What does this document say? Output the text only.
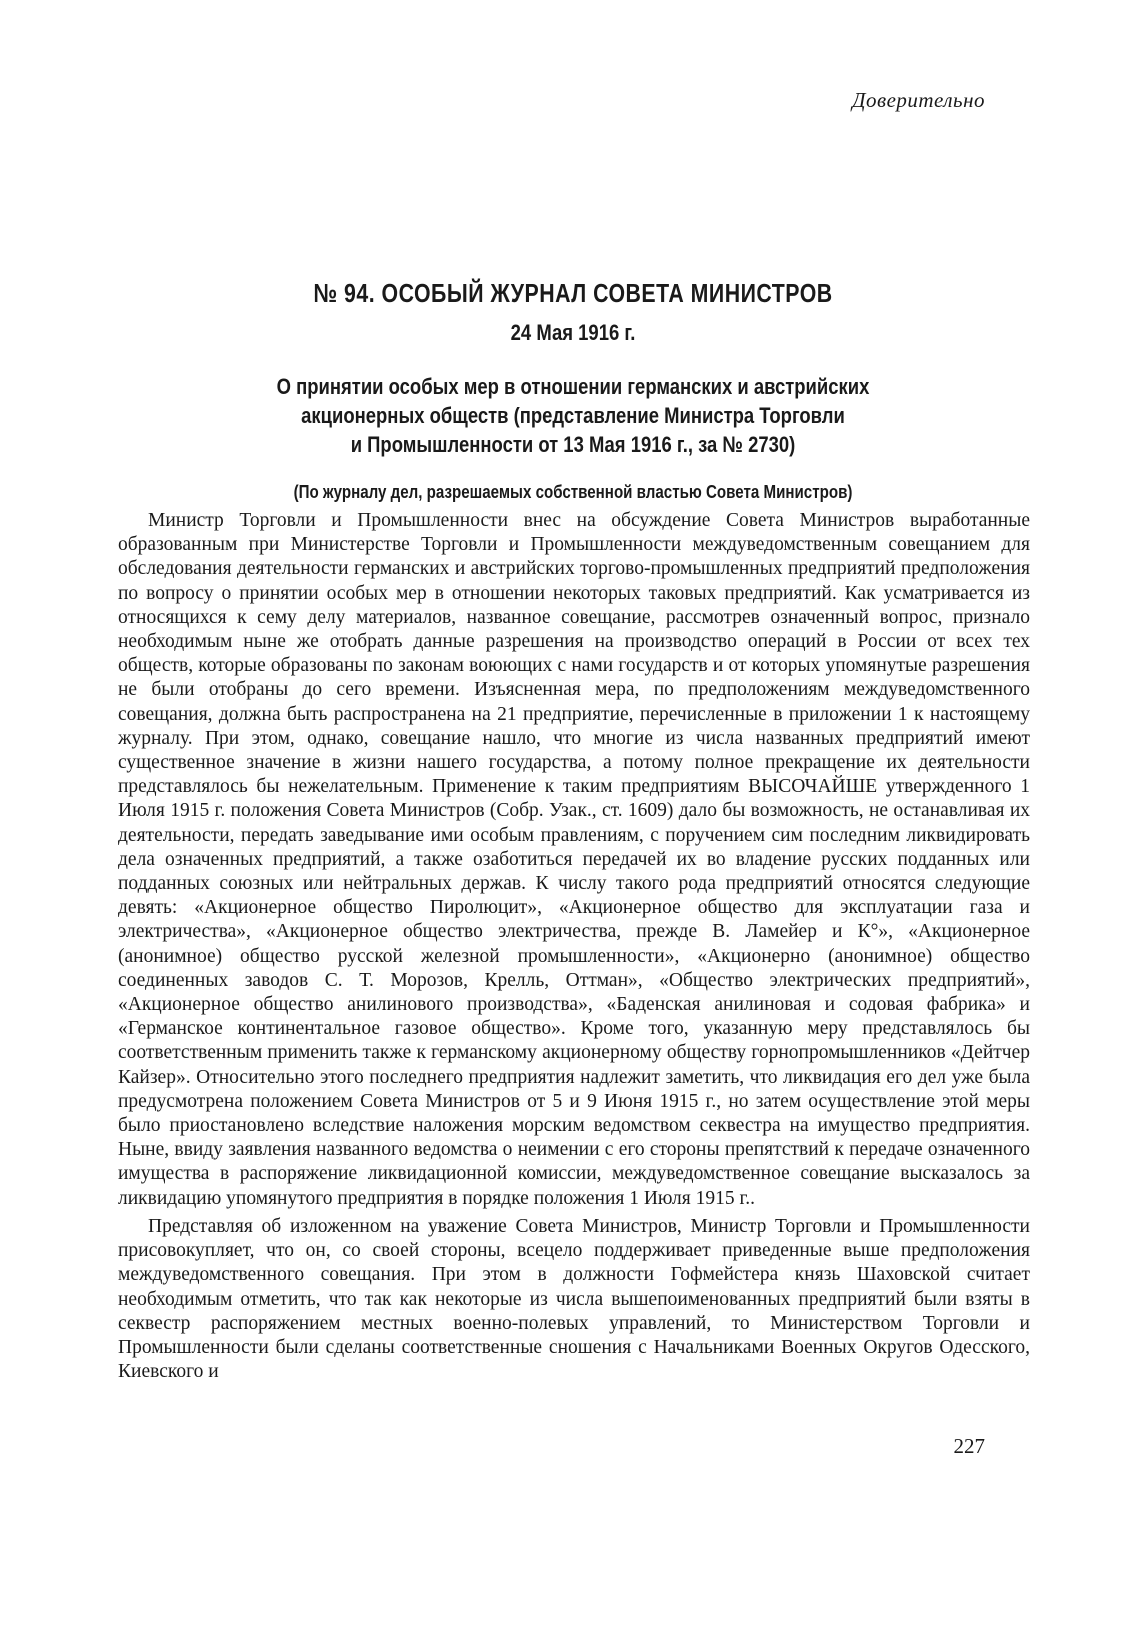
Доверительно
№ 94. ОСОБЫЙ ЖУРНАЛ СОВЕТА МИНИСТРОВ
24 Мая 1916 г.
О принятии особых мер в отношении германских и австрийских
акционерных обществ (представление Министра Торговли
и Промышленности от 13 Мая 1916 г., за № 2730)
(По журналу дел, разрешаемых собственной властью Совета Министров)

Министр Торговли и Промышленности внес на обсуждение Совета Министров выработанные образованным при Министерстве Торговли и Промышленности междуведомственным совещанием для обследования деятельности германских и австрийских торгово-промышленных предприятий предположения по вопросу о принятии особых мер в отношении некоторых таковых предприятий. Как усматривается из относящихся к сему делу материалов, названное совещание, рассмотрев означенный вопрос, признало необходимым ныне же отобрать данные разрешения на производство операций в России от всех тех обществ, которые образованы по законам воюющих с нами государств и от которых упомянутые разрешения не были отобраны до сего времени. Изъясненная мера, по предположениям междуведомственного совещания, должна быть распространена на 21 предприятие, перечисленные в приложении 1 к настоящему журналу. При этом, однако, совещание нашло, что многие из числа названных предприятий имеют существенное значение в жизни нашего государства, а потому полное прекращение их деятельности представлялось бы нежелательным. Применение к таким предприятиям ВЫСОЧАЙШЕ утвержденного 1 Июля 1915 г. положения Совета Министров (Собр. Узак., ст. 1609) дало бы возможность, не останавливая их деятельности, передать заведывание ими особым правлениям, с поручением сим последним ликвидировать дела означенных предприятий, а также озаботиться передачей их во владение русских подданных или подданных союзных или нейтральных держав. К числу такого рода предприятий относятся следующие девять: «Акционерное общество Пиролюцит», «Акционерное общество для эксплуатации газа и электричества», «Акционерное общество электричества, прежде В. Ламейер и К°», «Акционерное (анонимное) общество русской железной промышленности», «Акционерно (анонимное) общество соединенных заводов С. Т. Морозов, Крелль, Оттман», «Общество электрических предприятий», «Акционерное общество анилинового производства», «Баденская анилиновая и содовая фабрика» и «Германское континентальное газовое общество». Кроме того, указанную меру представлялось бы соответственным применить также к германскому акционерному обществу горнопромышленников «Дейтчер Кайзер». Относительно этого последнего предприятия надлежит заметить, что ликвидация его дел уже была предусмотрена положением Совета Министров от 5 и 9 Июня 1915 г., но затем осуществление этой меры было приостановлено вследствие наложения морским ведомством секвестра на имущество предприятия. Ныне, ввиду заявления названного ведомства о неимении с его стороны препятствий к передаче означенного имущества в распоряжение ликвидационной комиссии, междуведомственное совещание высказалось за ликвидацию упомянутого предприятия в порядке положения 1 Июля 1915 г..

Представляя об изложенном на уважение Совета Министров, Министр Торговли и Промышленности присовокупляет, что он, со своей стороны, всецело поддерживает приведенные выше предположения междуведомственного совещания. При этом в должности Гофмейстера князь Шаховской считает необходимым отметить, что так как некоторые из числа вышепоименованных предприятий были взяты в секвестр распоряжением местных военно-полевых управлений, то Министерством Торговли и Промышленности были сделаны соответственные сношения с Начальниками Военных Округов Одесского, Киевского и

227
